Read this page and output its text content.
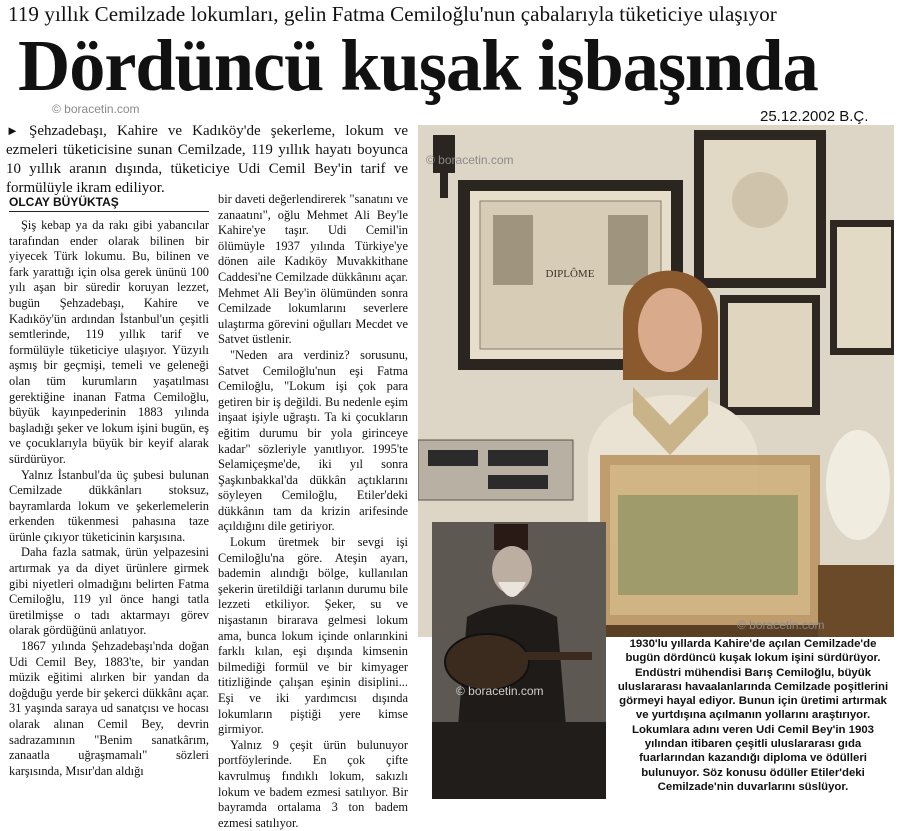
119 yıllık Cemilzade lokumları, gelin Fatma Cemiloğlu'nun çabalarıyla tüketiciye ulaşıyor
Dördüncü kuşak işbaşında
© boracetin.com	25.12.2002 B.Ç.
► Şehzadebaşı, Kahire ve Kadıköy'de şekerleme, lokum ve ezmeleri tüketicisine sunan Cemilzade, 119 yıllık hayatı boyunca 10 yıllık aranın dışında, tüketiciye Udi Cemil Bey'in tarif ve formülüyle ikram ediliyor.
OLCAY BÜYÜKTAŞ

Şiş kebap ya da rakı gibi yabancılar tarafından ender olarak bilinen bir yiyecek Türk lokumu. Bu, bilinen ve fark yarattığı için olsa gerek ününü 100 yılı aşan bir süredir koruyan lezzet, bugün Şehzadebaşı, Kahire ve Kadıköy'ün ardından İstanbul'un çeşitli semtlerinde, 119 yıllık tarif ve formülüyle tüketiciye ulaşıyor. Yüzyılı aşmış bir geçmişi, temeli ve geleneği olan tüm kurumların yaşatılması gerektiğine inanan Fatma Cemiloğlu, büyük kayınpederinin 1883 yılında başladığı şeker ve lokum işini bugün, eş ve çocuklarıyla büyük bir keyif alarak sürdürüyor.

Yalnız İstanbul'da üç şubesi bulunan Cemilzade dükkânları stoksuz, bayramlarda lokum ve şekerlemelerin erkenden tükenmesi pahasına taze ürünle çıkıyor tüketicinin karşısına.

Daha fazla satmak, ürün yelpazesini artırmak ya da diyet ürünlere girmek gibi niyetleri olmadığını belirten Fatma Cemiloğlu, 119 yıl önce hangi tatla üretilmişse o tadı aktarmayı görev olarak gördüğünü anlatıyor.

1867 yılında Şehzadebaşı'nda doğan Udi Cemil Bey, 1883'te, bir yandan müzik eğitimi alırken bir yandan da doğduğu yerde bir şekerci dükkânı açar. 31 yaşında saraya ud sanatçısı ve hocası olarak alınan Cemil Bey, devrin sadrazamının "Benim sanatkârım, zanaatla uğraşmamalı" sözleri karşısında, Mısır'dan aldığı

bir daveti değerlendirerek "sanatını ve zanaatını", oğlu Mehmet Ali Bey'le Kahire'ye taşır. Udi Cemil'in ölümüyle 1937 yılında Türkiye'ye dönen aile Kadıköy Muvakkithane Caddesi'ne Cemilzade dükkânını açar. Mehmet Ali Bey'in ölümünden sonra Cemilzade lokumlarını severlere ulaştırma görevini oğulları Mecdet ve Satvet üstlenir.

"Neden ara verdiniz? sorusunu, Satvet Cemiloğlu'nun eşi Fatma Cemiloğlu, "Lokum işi çok para getiren bir iş değildi. Bu nedenle eşim inşaat işiyle uğraştı. Ta ki çocukların eğitim durumu bir yola girinceye kadar" sözleriyle yanıtlıyor. 1995'te Selamiçeşme'de, iki yıl sonra Şaşkınbakkal'da dükkân açtıklarını söyleyen Cemiloğlu, Etiler'deki dükkânın tam da krizin arifesinde açıldığını dile getiriyor.

Lokum üretmek bir sevgi işi Cemiloğlu'na göre. Ateşin ayarı, bademin alındığı bölge, kullanılan şekerin üretildiği tarlanın durumu bile lezzeti etkiliyor. Şeker, su ve nişastanın birarava gelmesi lokum ama, bunca lokum içinde onlarınkini farklı kılan, eşi dışında kimsenin bilmediği formül ve bir kimyager titizliğinde çalışan eşinin disiplini... Eşi ve iki yardımcısı dışında lokumların piştiği yere kimse girmiyor.

Yalnız 9 çeşit ürün bulunuyor portföylerinde. En çok çifte kavrulmuş fındıklı lokum, sakızlı lokum ve badem ezmesi satılıyor. Bir bayramda ortalama 3 ton badem ezmesi satılıyor.

DIPLÔME
© boracetin.com
© boracetin.com
© boracetin.com
1930'lu yıllarda Kahire'de açılan Cemilzade'de bugün dördüncü kuşak lokum işini sürdürüyor. Endüstri mühendisi Barış Cemiloğlu, büyük uluslararası havaalanlarında Cemilzade poşitlerini görmeyi hayal ediyor. Bunun için üretimi artırmak ve yurtdışına açılmanın yollarını araştırıyor. Lokumlara adını veren Udi Cemil Bey'in 1903 yılından itibaren çeşitli uluslararası gıda fuarlarından kazandığı diploma ve ödülleri bulunuyor. Söz konusu ödüller Etiler'deki Cemilzade'nin duvarlarını süslüyor.
